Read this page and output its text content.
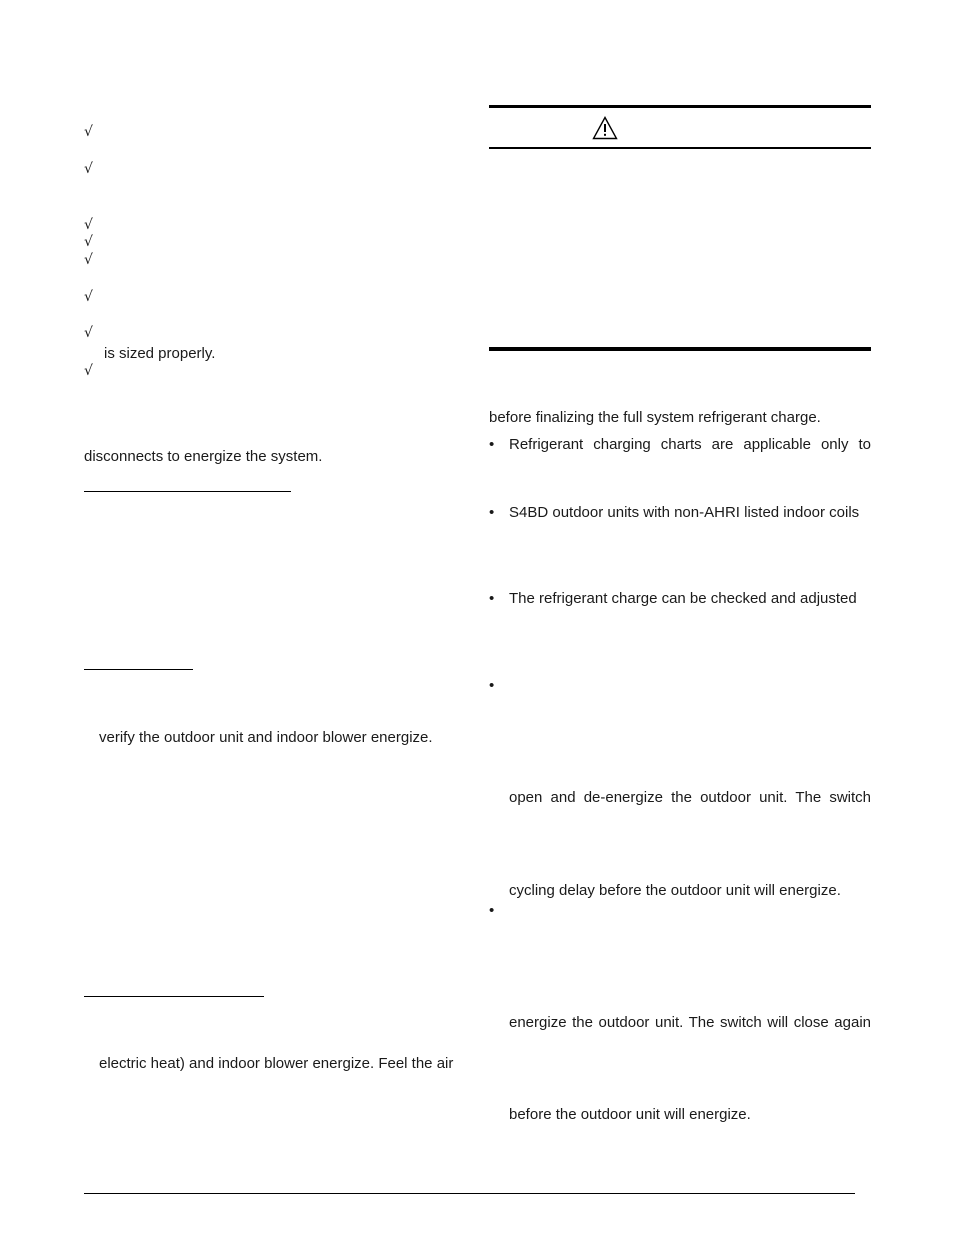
√
√
√
√
√
√
√
is sized properly.
√
disconnects to energize the system.
verify the outdoor unit and indoor blower energize.
electric heat) and indoor blower energize. Feel the air
before finalizing the full system refrigerant charge.
• Refrigerant charging charts are applicable only to
• S4BD outdoor units with non-AHRI listed indoor coils
• The refrigerant charge can be checked and adjusted
•
open and de-energize the outdoor unit. The switch
cycling delay before the outdoor unit will energize.
•
energize the outdoor unit. The switch will close again
before the outdoor unit will energize.
